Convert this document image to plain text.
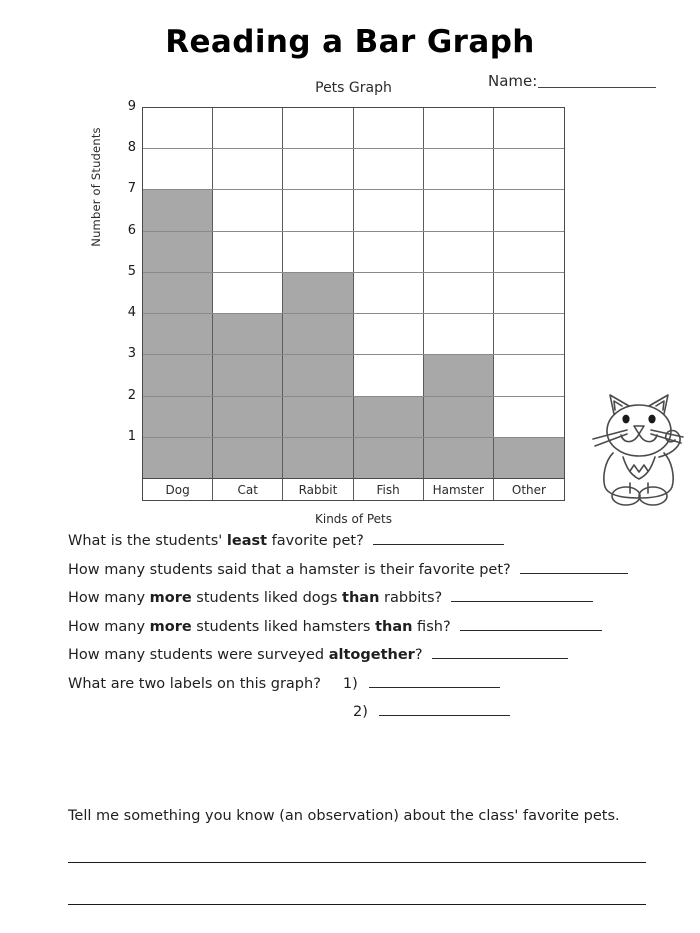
Reading a Bar Graph
Name:
Pets Graph
Number of Students
9
8
7
6
5
4
3
2
1
Dog	Cat	Rabbit	Fish	Hamster	Other
Kinds of Pets
What is the students' least favorite pet?
How many students said that a hamster is their favorite pet?
How many more students liked dogs than rabbits?
How many more students liked hamsters than fish?
How many students were surveyed altogether?
What are two labels on this graph? 1)
2)
Tell me something you know (an observation) about the class' favorite pets.
